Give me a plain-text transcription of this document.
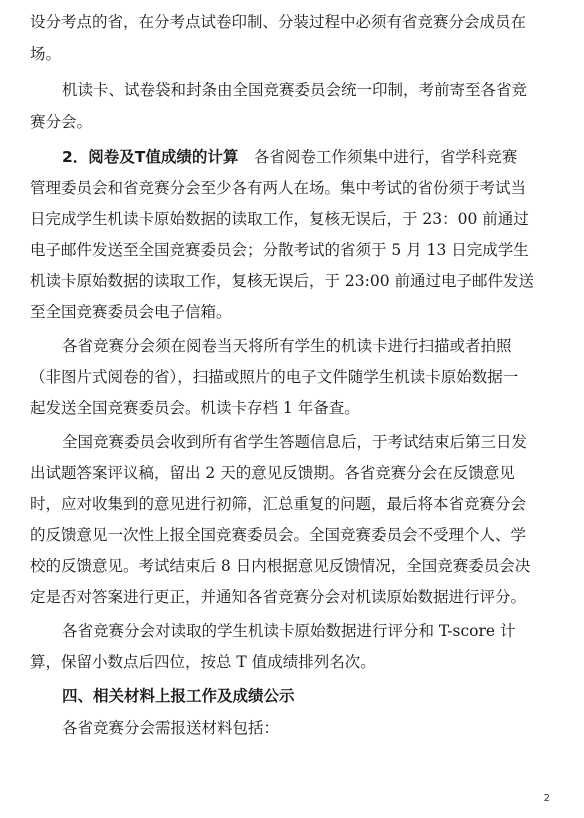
设分考点的省，在分考点试卷印制、分装过程中必须有省竞赛分会成员在
场。
机读卡、试卷袋和封条由全国竞赛委员会统一印制，考前寄至各省竞
赛分会。
2．阅卷及T值成绩的计算　 各省阅卷工作须集中进行，省学科竞赛
管理委员会和省竞赛分会至少各有两人在场。集中考试的省份须于考试当
日完成学生机读卡原始数据的读取工作，复核无误后，于 23：00 前通过
电子邮件发送至全国竞赛委员会；分散考试的省须于 5 月 13 日完成学生
机读卡原始数据的读取工作，复核无误后，于 23:00 前通过电子邮件发送
至全国竞赛委员会电子信箱。
各省竞赛分会须在阅卷当天将所有学生的机读卡进行扫描或者拍照
（非图片式阅卷的省），扫描或照片的电子文件随学生机读卡原始数据一
起发送全国竞赛委员会。机读卡存档 1 年备查。
全国竞赛委员会收到所有省学生答题信息后，于考试结束后第三日发
出试题答案评议稿，留出 2 天的意见反馈期。各省竞赛分会在反馈意见
时，应对收集到的意见进行初筛，汇总重复的问题，最后将本省竞赛分会
的反馈意见一次性上报全国竞赛委员会。全国竞赛委员会不受理个人、学
校的反馈意见。考试结束后 8 日内根据意见反馈情况，全国竞赛委员会决
定是否对答案进行更正，并通知各省竞赛分会对机读原始数据进行评分。
各省竞赛分会对读取的学生机读卡原始数据进行评分和 T-score 计
算，保留小数点后四位，按总 T 值成绩排列名次。
四、相关材料上报工作及成绩公示
各省竞赛分会需报送材料包括：
2
